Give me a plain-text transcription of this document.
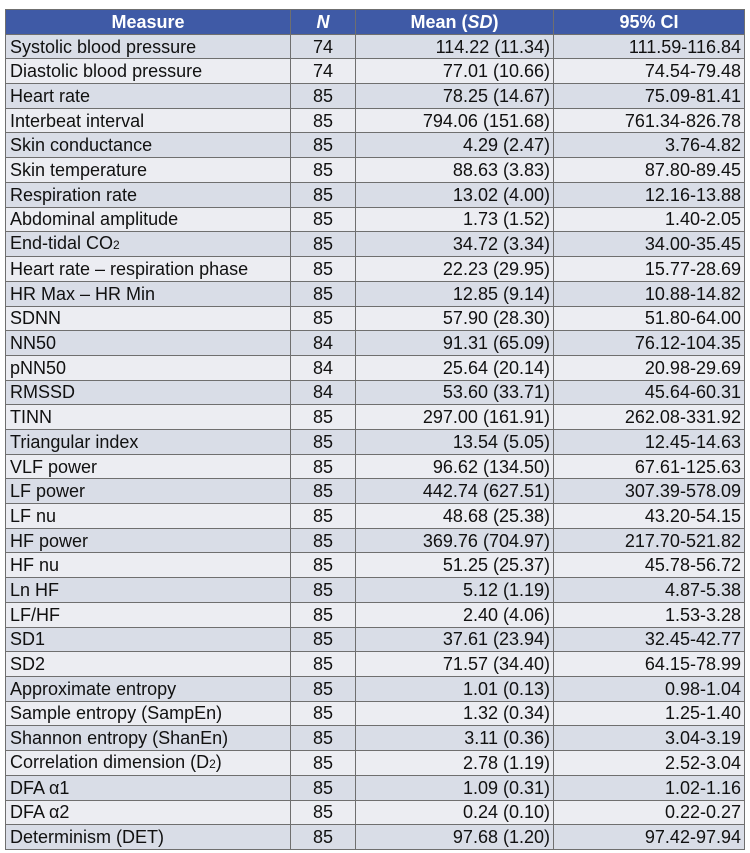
Measure	N	Mean (SD)	95% CI
Systolic blood pressure	74	114.22 (11.34)	111.59-116.84
Diastolic blood pressure	74	77.01 (10.66)	74.54-79.48
Heart rate	85	78.25 (14.67)	75.09-81.41
Interbeat interval	85	794.06 (151.68)	761.34-826.78
Skin conductance	85	4.29 (2.47)	3.76-4.82
Skin temperature	85	88.63 (3.83)	87.80-89.45
Respiration rate	85	13.02 (4.00)	12.16-13.88
Abdominal amplitude	85	1.73 (1.52)	1.40-2.05
End-tidal CO2	85	34.72 (3.34)	34.00-35.45
Heart rate – respiration phase	85	22.23 (29.95)	15.77-28.69
HR Max – HR Min	85	12.85 (9.14)	10.88-14.82
SDNN	85	57.90 (28.30)	51.80-64.00
NN50	84	91.31 (65.09)	76.12-104.35
pNN50	84	25.64 (20.14)	20.98-29.69
RMSSD	84	53.60 (33.71)	45.64-60.31
TINN	85	297.00 (161.91)	262.08-331.92
Triangular index	85	13.54 (5.05)	12.45-14.63
VLF power	85	96.62 (134.50)	67.61-125.63
LF power	85	442.74 (627.51)	307.39-578.09
LF nu	85	48.68 (25.38)	43.20-54.15
HF power	85	369.76 (704.97)	217.70-521.82
HF nu	85	51.25 (25.37)	45.78-56.72
Ln HF	85	5.12 (1.19)	4.87-5.38
LF/HF	85	2.40 (4.06)	1.53-3.28
SD1	85	37.61 (23.94)	32.45-42.77
SD2	85	71.57 (34.40)	64.15-78.99
Approximate entropy	85	1.01 (0.13)	0.98-1.04
Sample entropy (SampEn)	85	1.32 (0.34)	1.25-1.40
Shannon entropy (ShanEn)	85	3.11 (0.36)	3.04-3.19
Correlation dimension (D2)	85	2.78 (1.19)	2.52-3.04
DFA α1	85	1.09 (0.31)	1.02-1.16
DFA α2	85	0.24 (0.10)	0.22-0.27
Determinism (DET)	85	97.68 (1.20)	97.42-97.94
